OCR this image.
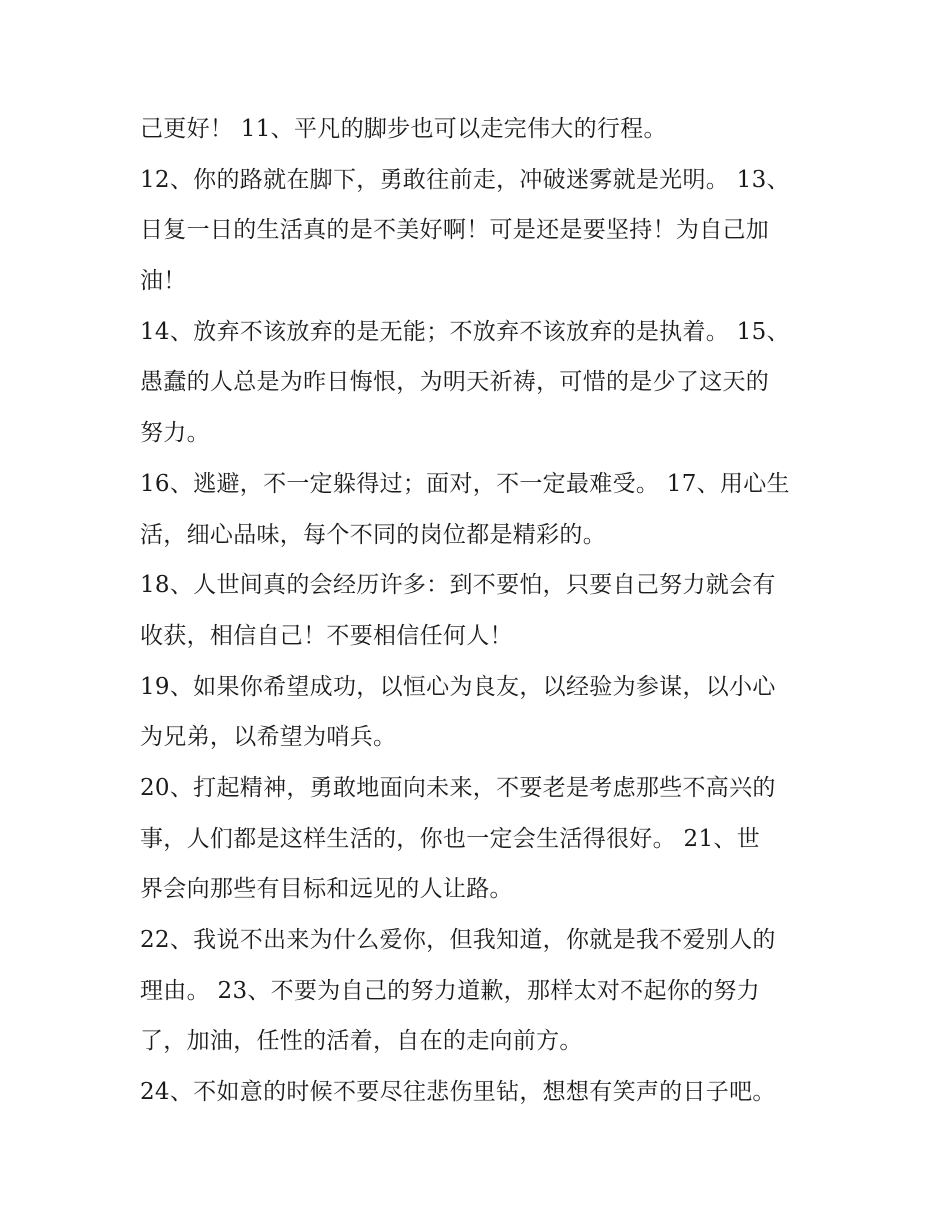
己更好！ 11、平凡的脚步也可以走完伟大的行程。
12、你的路就在脚下，勇敢往前走，冲破迷雾就是光明。 13、
日复一日的生活真的是不美好啊！可是还是要坚持！为自己加
油！
14、放弃不该放弃的是无能；不放弃不该放弃的是执着。 15、
愚蠢的人总是为昨日悔恨，为明天祈祷，可惜的是少了这天的
努力。
16、逃避，不一定躲得过；面对，不一定最难受。 17、用心生
活，细心品味，每个不同的岗位都是精彩的。
18、人世间真的会经历许多：到不要怕，只要自己努力就会有
收获，相信自己！不要相信任何人！
19、如果你希望成功，以恒心为良友，以经验为参谋，以小心
为兄弟，以希望为哨兵。
20、打起精神，勇敢地面向未来，不要老是考虑那些不高兴的
事，人们都是这样生活的，你也一定会生活得很好。 21、世
界会向那些有目标和远见的人让路。
22、我说不出来为什么爱你，但我知道，你就是我不爱别人的
理由。 23、不要为自己的努力道歉，那样太对不起你的努力
了，加油，任性的活着，自在的走向前方。
24、不如意的时候不要尽往悲伤里钻，想想有笑声的日子吧。
